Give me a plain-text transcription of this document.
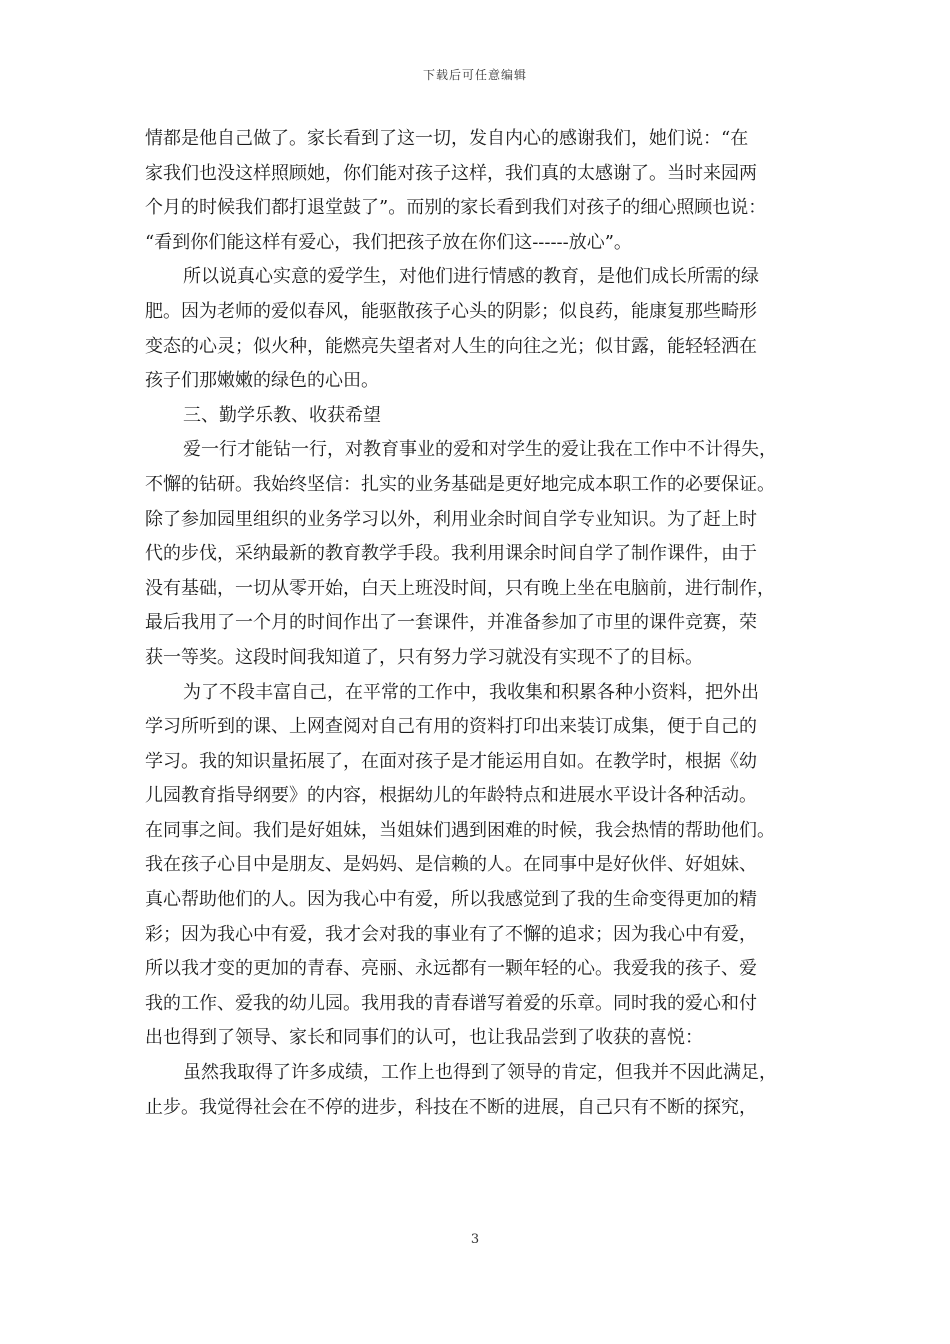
下载后可任意编辑
情都是他自己做了。家长看到了这一切，发自内心的感谢我们，她们说：“在
家我们也没这样照顾她，你们能对孩子这样，我们真的太感谢了。当时来园两
个月的时候我们都打退堂鼓了”。而别的家长看到我们对孩子的细心照顾也说：
“看到你们能这样有爱心，我们把孩子放在你们这------放心”。
所以说真心实意的爱学生，对他们进行情感的教育，是他们成长所需的绿
肥。因为老师的爱似春风，能驱散孩子心头的阴影；似良药，能康复那些畸形
变态的心灵；似火种，能燃亮失望者对人生的向往之光；似甘露，能轻轻洒在
孩子们那嫩嫩的绿色的心田。
三、勤学乐教、收获希望
爱一行才能钻一行，对教育事业的爱和对学生的爱让我在工作中不计得失，
不懈的钻研。我始终坚信：扎实的业务基础是更好地完成本职工作的必要保证。
除了参加园里组织的业务学习以外，利用业余时间自学专业知识。为了赶上时
代的步伐，采纳最新的教育教学手段。我利用课余时间自学了制作课件，由于
没有基础，一切从零开始，白天上班没时间，只有晚上坐在电脑前，进行制作，
最后我用了一个月的时间作出了一套课件，并准备参加了市里的课件竞赛，荣
获一等奖。这段时间我知道了，只有努力学习就没有实现不了的目标。
为了不段丰富自己，在平常的工作中，我收集和积累各种小资料，把外出
学习所听到的课、上网查阅对自己有用的资料打印出来装订成集，便于自己的
学习。我的知识量拓展了，在面对孩子是才能运用自如。在教学时，根据《幼
儿园教育指导纲要》的内容，根据幼儿的年龄特点和进展水平设计各种活动。
在同事之间。我们是好姐妹，当姐妹们遇到困难的时候，我会热情的帮助他们。
我在孩子心目中是朋友、是妈妈、是信赖的人。在同事中是好伙伴、好姐妹、
真心帮助他们的人。因为我心中有爱，所以我感觉到了我的生命变得更加的精
彩；因为我心中有爱，我才会对我的事业有了不懈的追求；因为我心中有爱，
所以我才变的更加的青春、亮丽、永远都有一颗年轻的心。我爱我的孩子、爱
我的工作、爱我的幼儿园。我用我的青春谱写着爱的乐章。同时我的爱心和付
出也得到了领导、家长和同事们的认可，也让我品尝到了收获的喜悦：
虽然我取得了许多成绩，工作上也得到了领导的肯定，但我并不因此满足，
止步。我觉得社会在不停的进步，科技在不断的进展，自己只有不断的探究，
3
